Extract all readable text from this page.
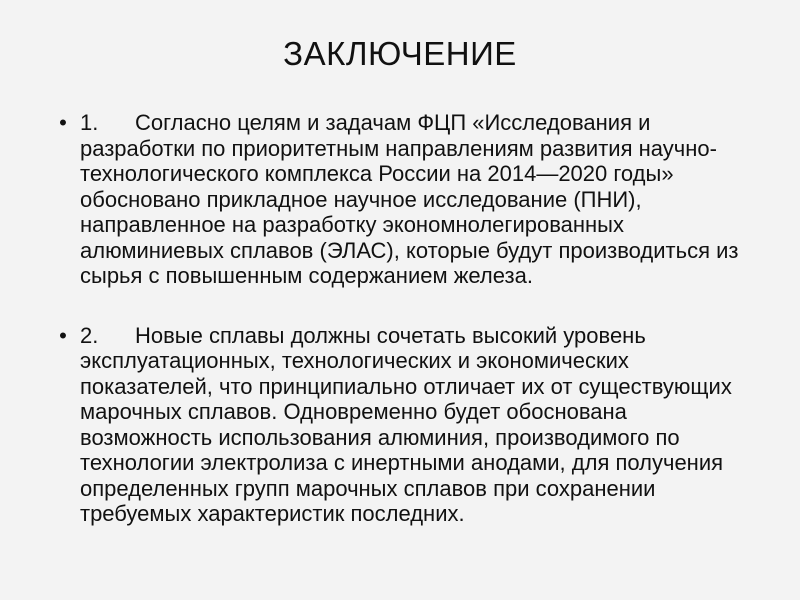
ЗАКЛЮЧЕНИЕ
• 1. Согласно целям и задачам ФЦП «Исследования и разработки по приоритетным направлениям развития научно-технологического комплекса России на 2014—2020 годы» обосновано прикладное научное исследование (ПНИ), направленное на разработку экономнолегированных алюминиевых сплавов (ЭЛАС), которые будут производиться из сырья с повышенным содержанием железа.
• 2. Новые сплавы должны сочетать высокий уровень эксплуатационных, технологических и экономических показателей, что принципиально отличает их от существующих марочных сплавов. Одновременно будет обоснована возможность использования алюминия, производимого по технологии электролиза с инертными анодами, для получения определенных групп марочных сплавов при сохранении требуемых характеристик последних.
